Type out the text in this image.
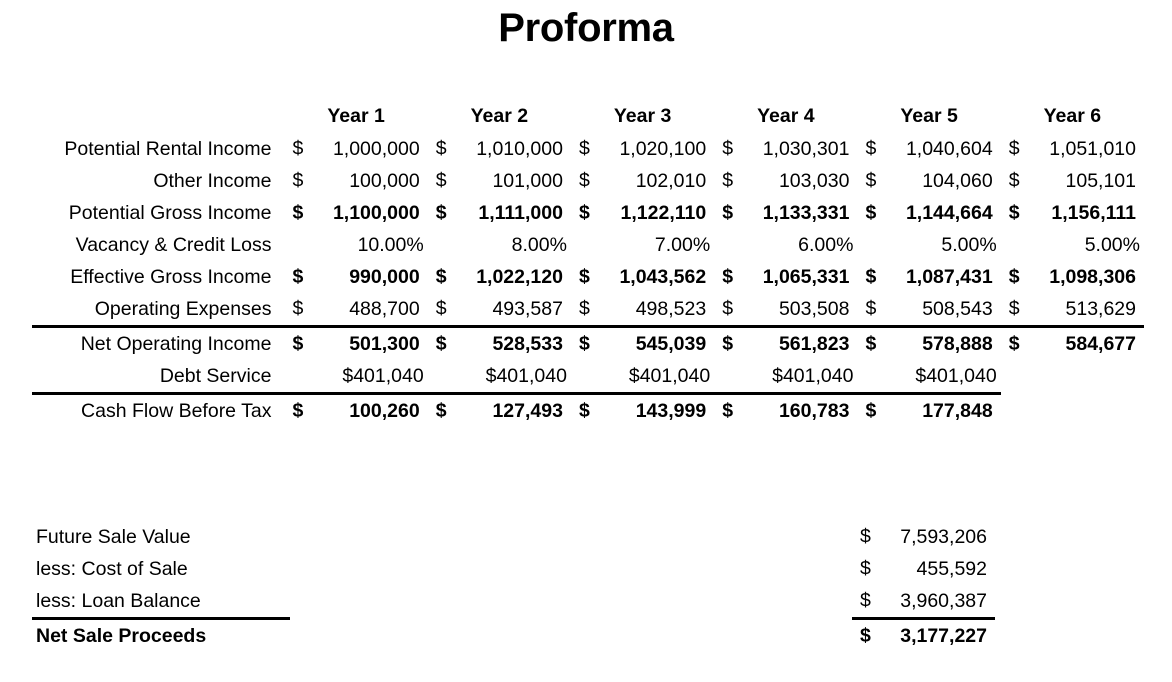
Proforma
	Year 1	Year 2	Year 3	Year 4	Year 5	Year 6
Potential Rental Income	$ 1,000,000	$ 1,010,000	$ 1,020,100	$ 1,030,301	$ 1,040,604	$ 1,051,010

Other Income	$ 100,000	$ 101,000	$ 102,010	$ 103,030	$ 104,060	$ 105,101

Potential Gross Income	$ 1,100,000	$ 1,111,000	$ 1,122,110	$ 1,133,331	$ 1,144,664	$ 1,156,111

Vacancy & Credit Loss	10.00%	8.00%	7.00%	6.00%	5.00%	5.00%
Effective Gross Income	$ 990,000	$ 1,022,120	$ 1,043,562	$ 1,065,331	$ 1,087,431	$ 1,098,306

Operating Expenses	$ 488,700	$ 493,587	$ 498,523	$ 503,508	$ 508,543	$ 513,629

Net Operating Income	$ 501,300	$ 528,533	$ 545,039	$ 561,823	$ 578,888	$ 584,677

Debt Service	$401,040	$401,040	$401,040	$401,040	$401,040	
Cash Flow Before Tax	$ 100,260	$ 127,493	$ 143,999	$ 160,783	$ 177,848	

Future Sale Value		$ 7,593,206	

less: Cost of Sale		$ 455,592	

less: Loan Balance		$ 3,960,387	

Net Sale Proceeds		$ 3,177,227	
